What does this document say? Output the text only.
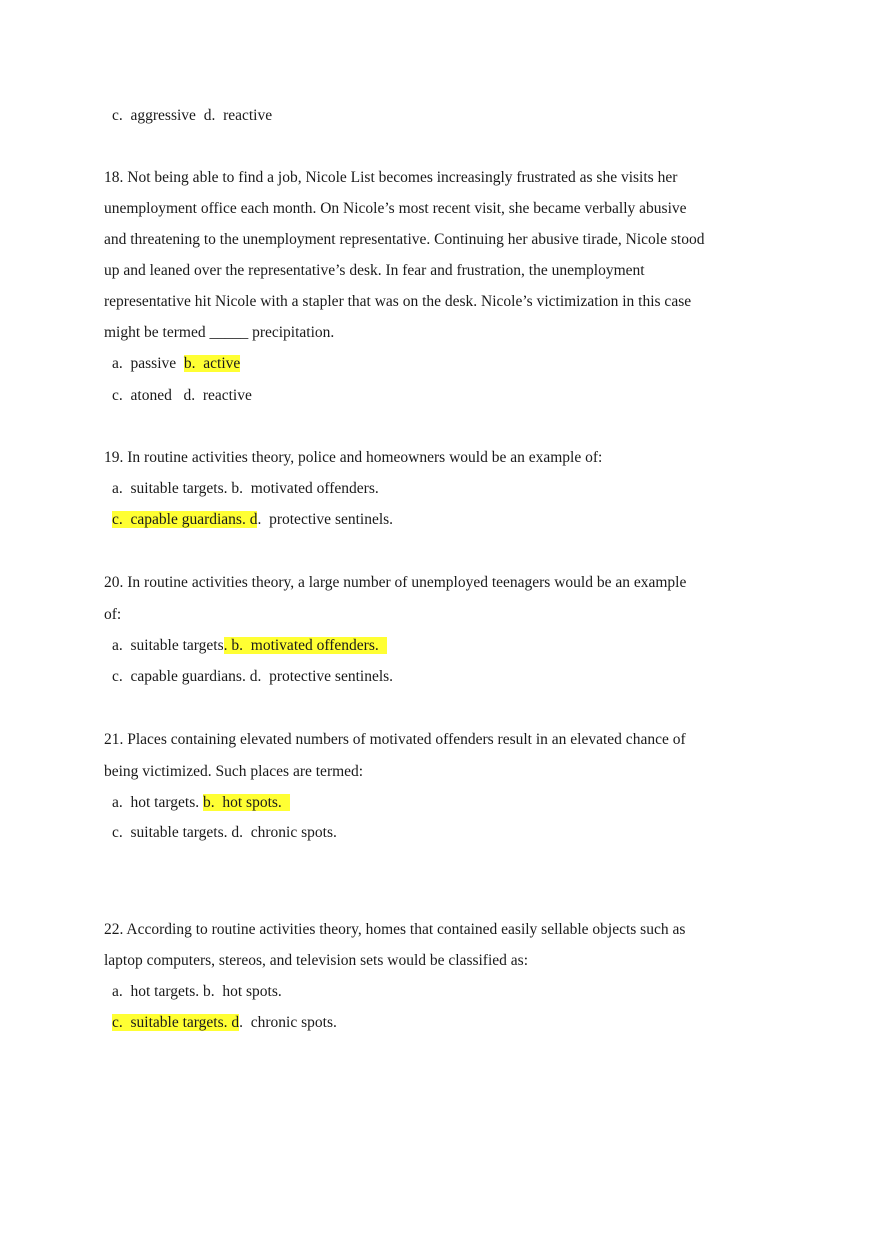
c.  aggressive d.  reactive
18. Not being able to find a job, Nicole List becomes increasingly frustrated as she visits her
unemployment office each month. On Nicole’s most recent visit, she became verbally abusive
and threatening to the unemployment representative. Continuing her abusive tirade, Nicole stood
up and leaned over the representative’s desk. In fear and frustration, the unemployment
representative hit Nicole with a stapler that was on the desk. Nicole’s victimization in this case
might be termed _____ precipitation.
a.  passive b.  active
c.  atoned d.  reactive
19. In routine activities theory, police and homeowners would be an example of:
a.  suitable targets. b.  motivated offenders.
c.  capable guardians. d.  protective sentinels.
20. In routine activities theory, a large number of unemployed teenagers would be an example
of:
a.  suitable targets. b.  motivated offenders.
c.  capable guardians. d.  protective sentinels.
21. Places containing elevated numbers of motivated offenders result in an elevated chance of
being victimized. Such places are termed:
a.  hot targets. b.  hot spots.
c.  suitable targets. d.  chronic spots.
22. According to routine activities theory, homes that contained easily sellable objects such as
laptop computers, stereos, and television sets would be classified as:
a.  hot targets. b.  hot spots.
c.  suitable targets. d.  chronic spots.
